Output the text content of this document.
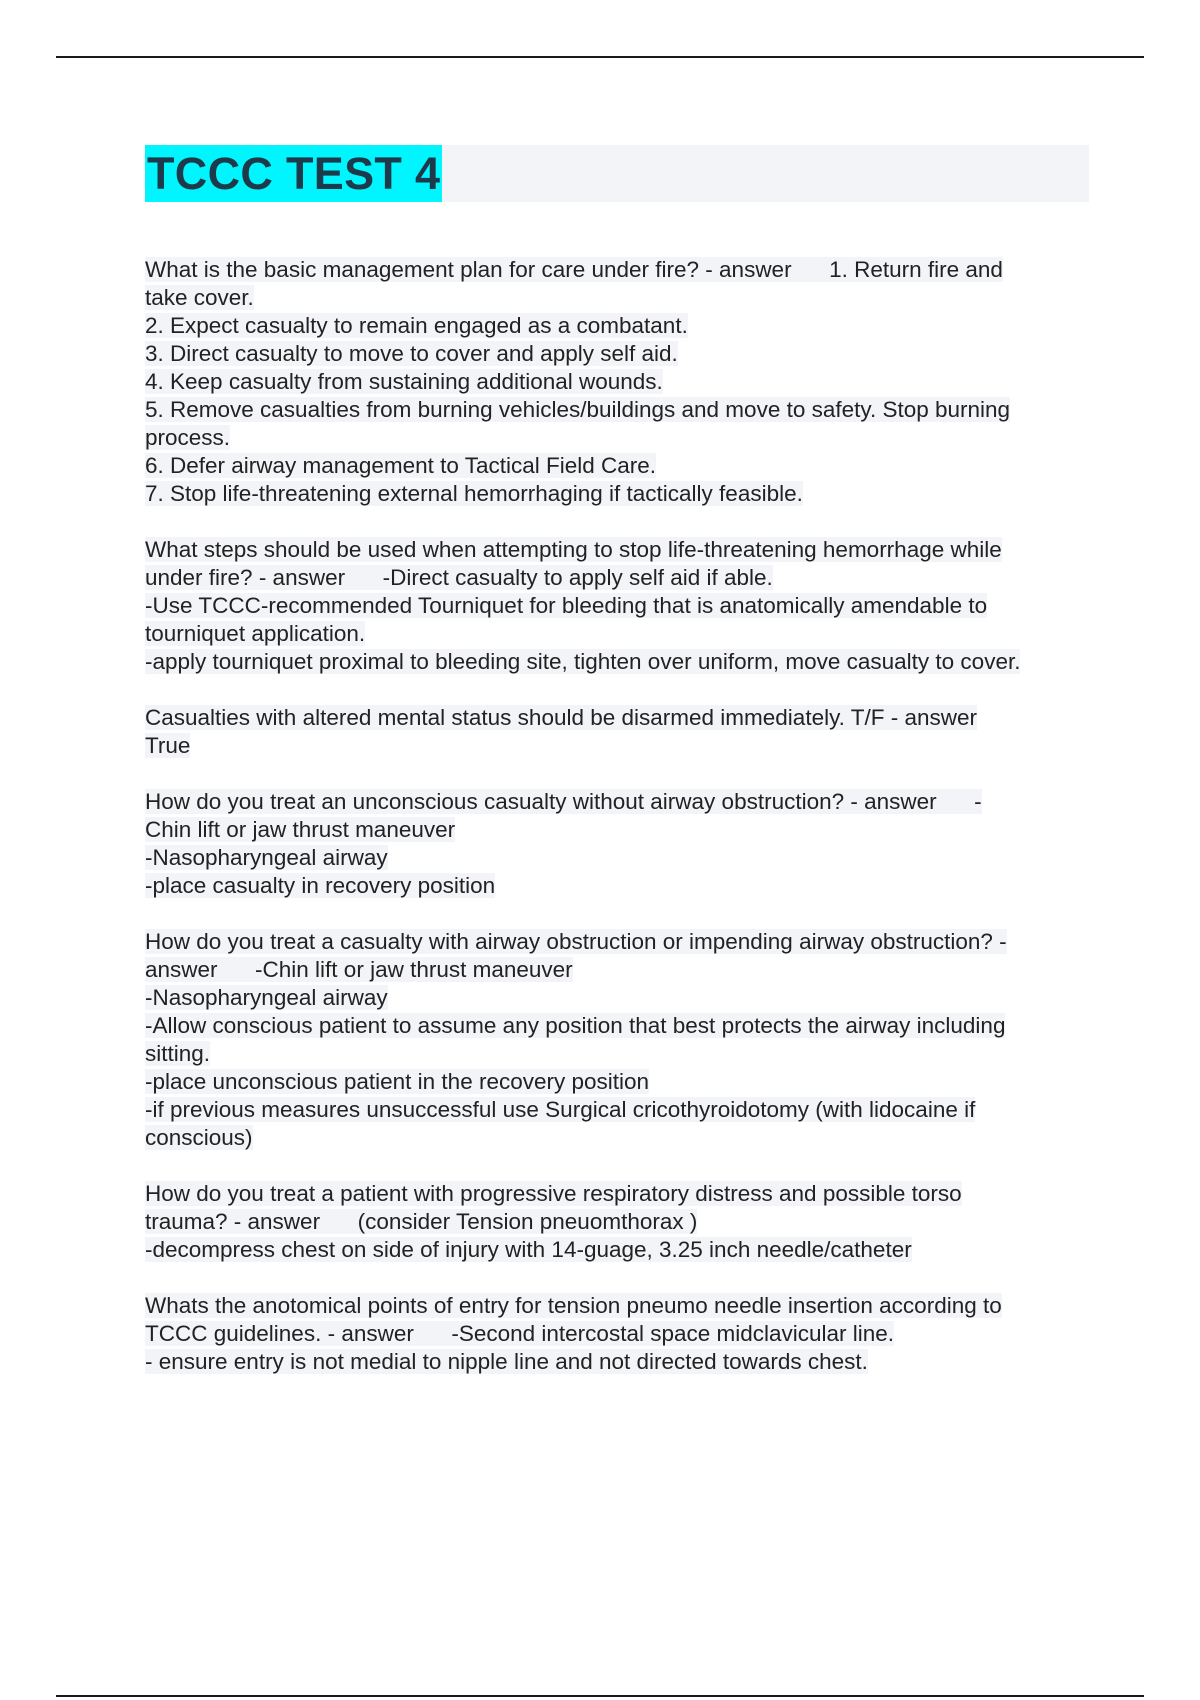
TCCC TEST 4
What is the basic management plan for care under fire? - answer      1. Return fire and
take cover.
2. Expect casualty to remain engaged as a combatant.
3. Direct casualty to move to cover and apply self aid.
4. Keep casualty from sustaining additional wounds.
5. Remove casualties from burning vehicles/buildings and move to safety. Stop burning
process.
6. Defer airway management to Tactical Field Care.
7. Stop life-threatening external hemorrhaging if tactically feasible.
What steps should be used when attempting to stop life-threatening hemorrhage while
under fire? - answer      -Direct casualty to apply self aid if able.
-Use TCCC-recommended Tourniquet for bleeding that is anatomically amendable to
tourniquet application.
-apply tourniquet proximal to bleeding site, tighten over uniform, move casualty to cover.
Casualties with altered mental status should be disarmed immediately. T/F - answer
True
How do you treat an unconscious casualty without airway obstruction? - answer      -
Chin lift or jaw thrust maneuver
-Nasopharyngeal airway
-place casualty in recovery position
How do you treat a casualty with airway obstruction or impending airway obstruction? -
answer      -Chin lift or jaw thrust maneuver
-Nasopharyngeal airway
-Allow conscious patient to assume any position that best protects the airway including
sitting.
-place unconscious patient in the recovery position
-if previous measures unsuccessful use Surgical cricothyroidotomy (with lidocaine if
conscious)
How do you treat a patient with progressive respiratory distress and possible torso
trauma? - answer      (consider Tension pneuomthorax )
-decompress chest on side of injury with 14-guage, 3.25 inch needle/catheter
Whats the anotomical points of entry for tension pneumo needle insertion according to
TCCC guidelines. - answer      -Second intercostal space midclavicular line.
- ensure entry is not medial to nipple line and not directed towards chest.
